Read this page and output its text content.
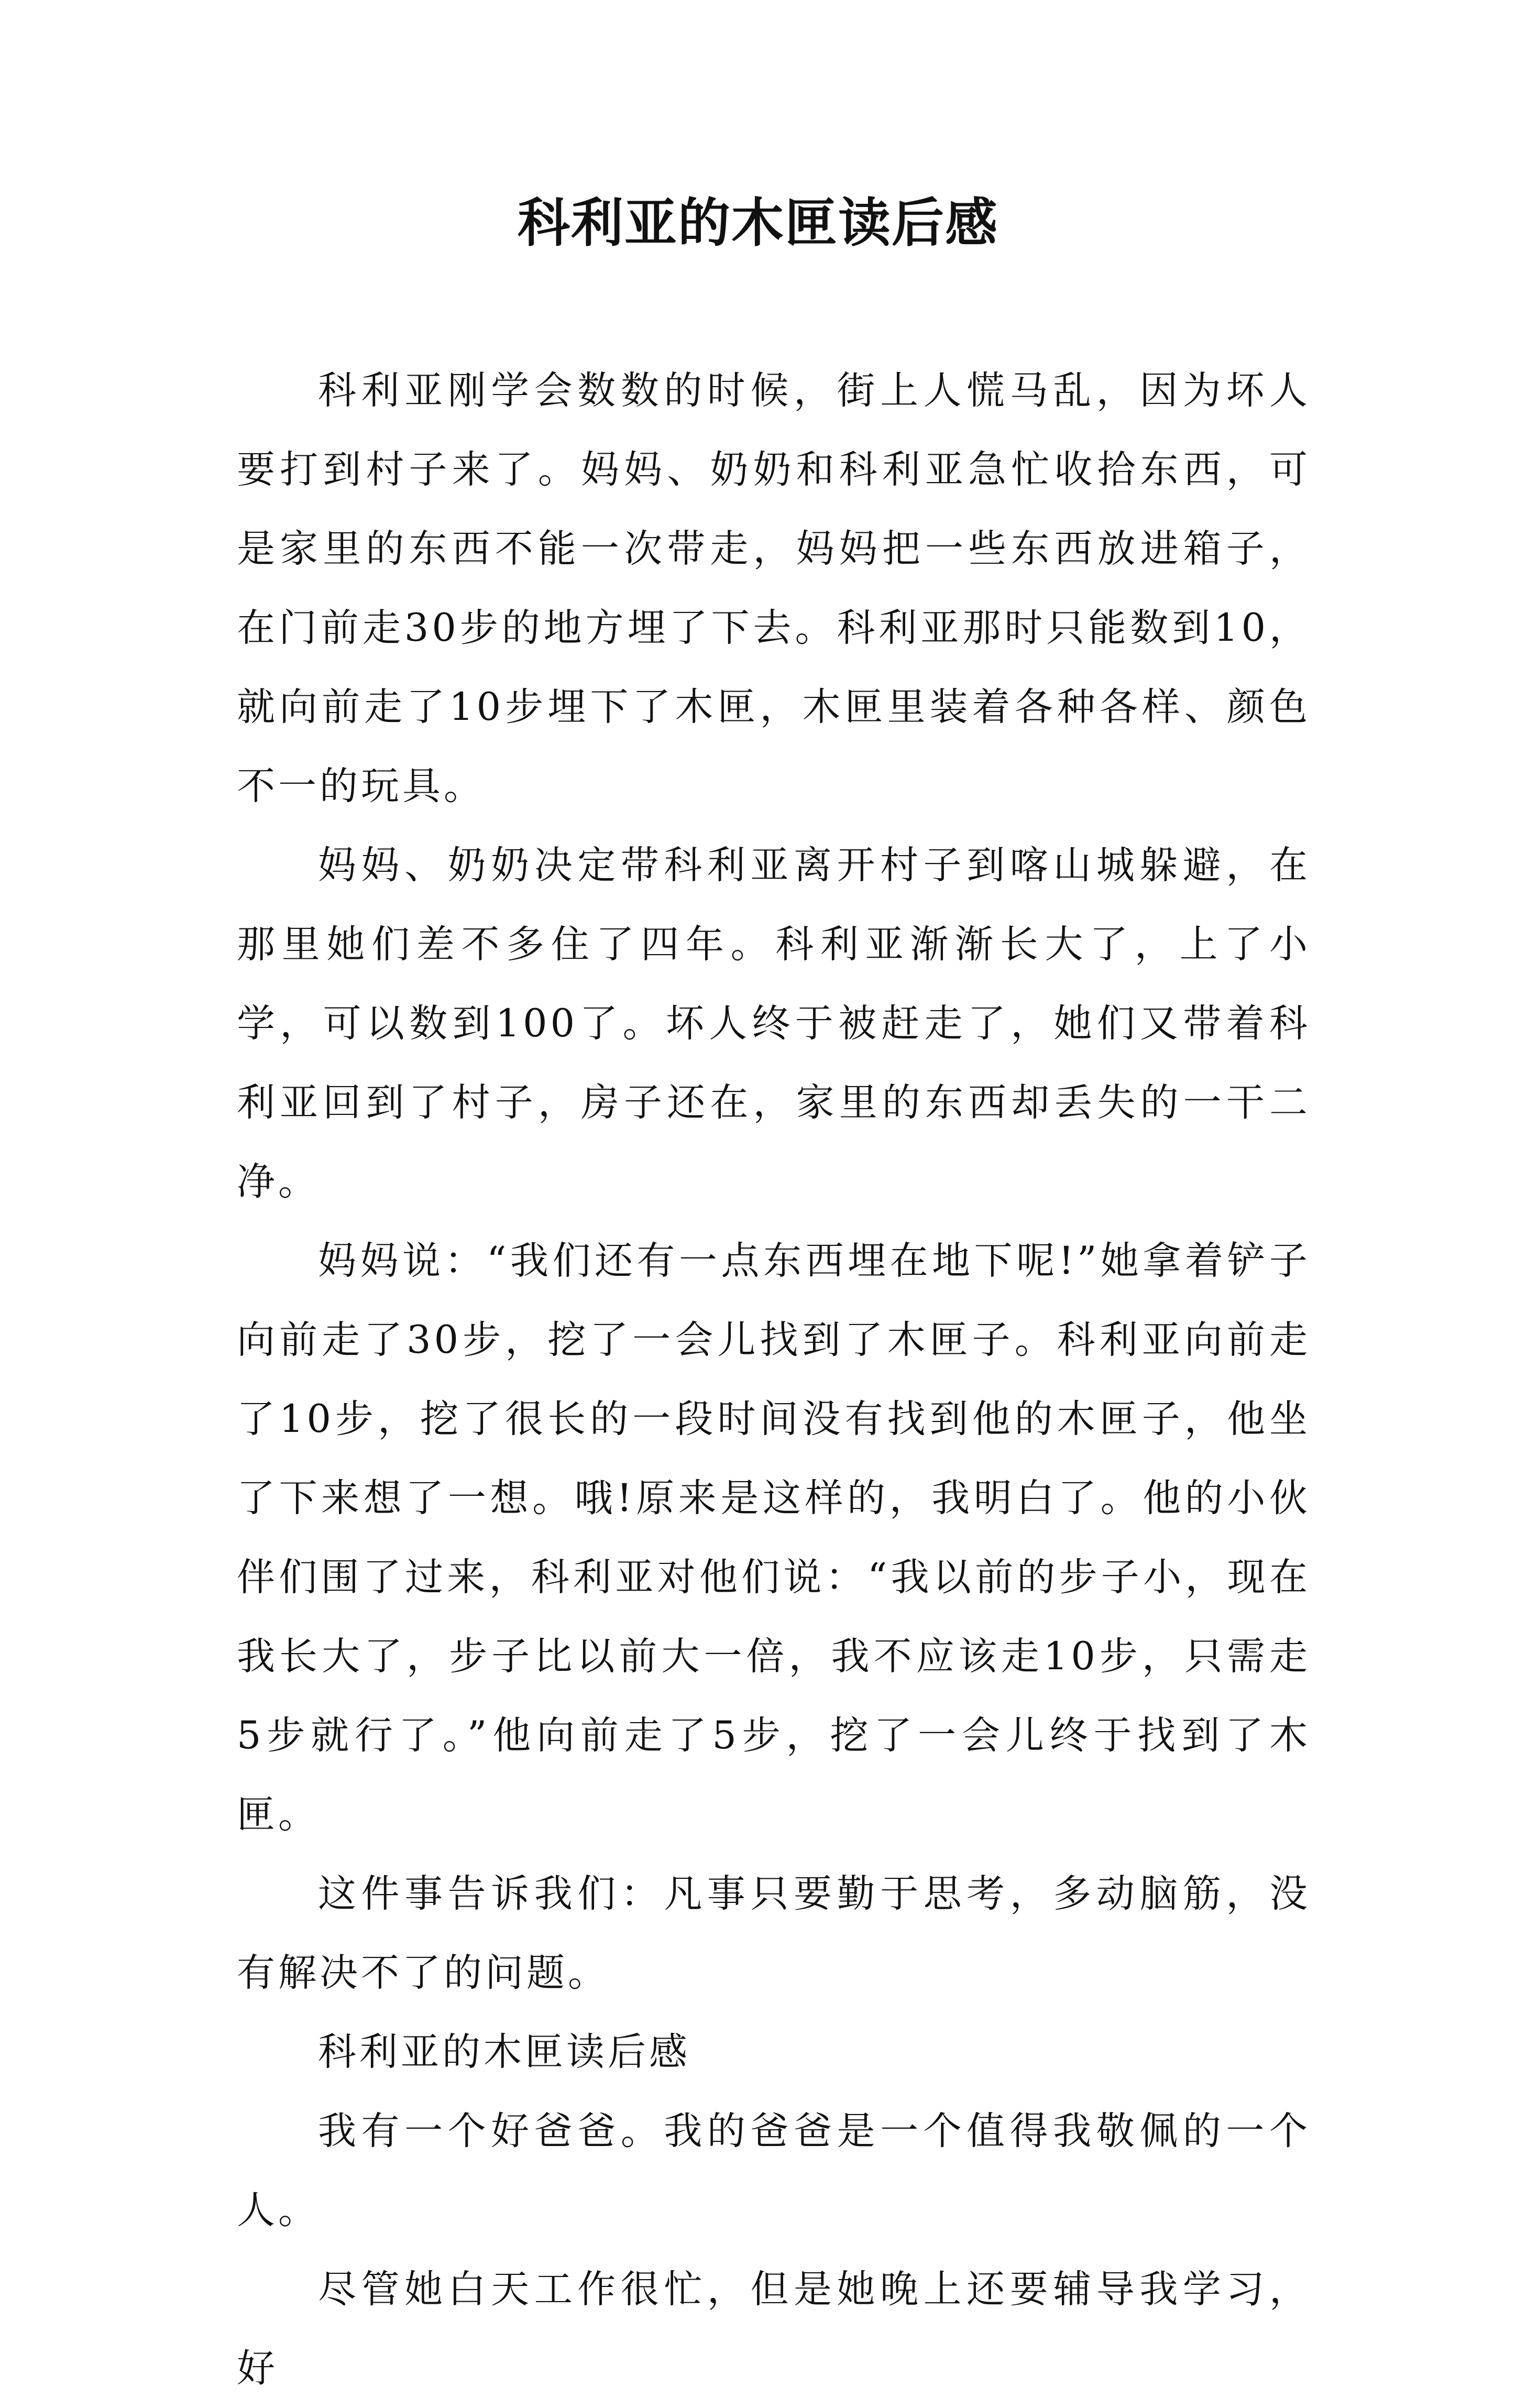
科利亚的木匣读后感

科利亚刚学会数数的时候，街上人慌马乱，因为坏人要打到村子来了。妈妈、奶奶和科利亚急忙收拾东西，可是家里的东西不能一次带走，妈妈把一些东西放进箱子，在门前走30步的地方埋了下去。科利亚那时只能数到10，就向前走了10步埋下了木匣，木匣里装着各种各样、颜色不一的玩具。

妈妈、奶奶决定带科利亚离开村子到喀山城躲避，在那里她们差不多住了四年。科利亚渐渐长大了，上了小学，可以数到100了。坏人终于被赶走了，她们又带着科利亚回到了村子，房子还在，家里的东西却丢失的一干二净。

妈妈说：“我们还有一点东西埋在地下呢!”她拿着铲子向前走了30步，挖了一会儿找到了木匣子。科利亚向前走了10步，挖了很长的一段时间没有找到他的木匣子，他坐了下来想了一想。哦!原来是这样的，我明白了。他的小伙伴们围了过来，科利亚对他们说：“我以前的步子小，现在我长大了，步子比以前大一倍，我不应该走10步，只需走5步就行了。”他向前走了5步，挖了一会儿终于找到了木匣。

这件事告诉我们：凡事只要勤于思考，多动脑筋，没有解决不了的问题。

科利亚的木匣读后感

我有一个好爸爸。我的爸爸是一个值得我敬佩的一个人。

尽管她白天工作很忙，但是她晚上还要辅导我学习，好
